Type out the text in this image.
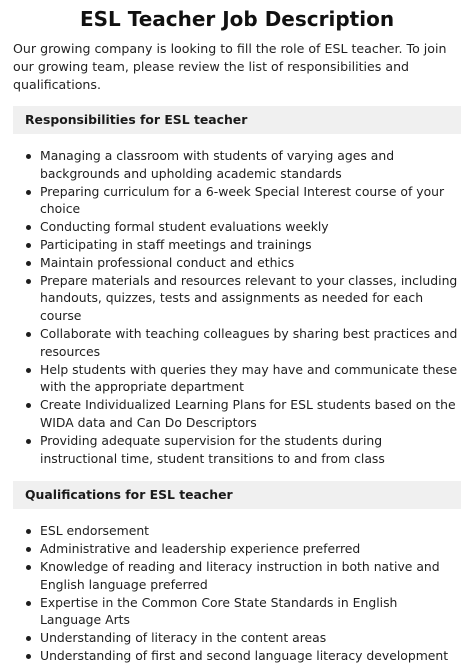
ESL Teacher Job Description

Our growing company is looking to fill the role of ESL teacher. To join our growing team, please review the list of responsibilities and qualifications.

Responsibilities for ESL teacher
Managing a classroom with students of varying ages and backgrounds and upholding academic standards
Preparing curriculum for a 6-week Special Interest course of your choice
Conducting formal student evaluations weekly
Participating in staff meetings and trainings
Maintain professional conduct and ethics
Prepare materials and resources relevant to your classes, including handouts, quizzes, tests and assignments as needed for each course
Collaborate with teaching colleagues by sharing best practices and resources
Help students with queries they may have and communicate these with the appropriate department
Create Individualized Learning Plans for ESL students based on the WIDA data and Can Do Descriptors
Providing adequate supervision for the students during instructional time, student transitions to and from class
Qualifications for ESL teacher
ESL endorsement
Administrative and leadership experience preferred
Knowledge of reading and literacy instruction in both native and English language preferred
Expertise in the Common Core State Standards in English Language Arts
Understanding of literacy in the content areas
Understanding of first and second language literacy development
